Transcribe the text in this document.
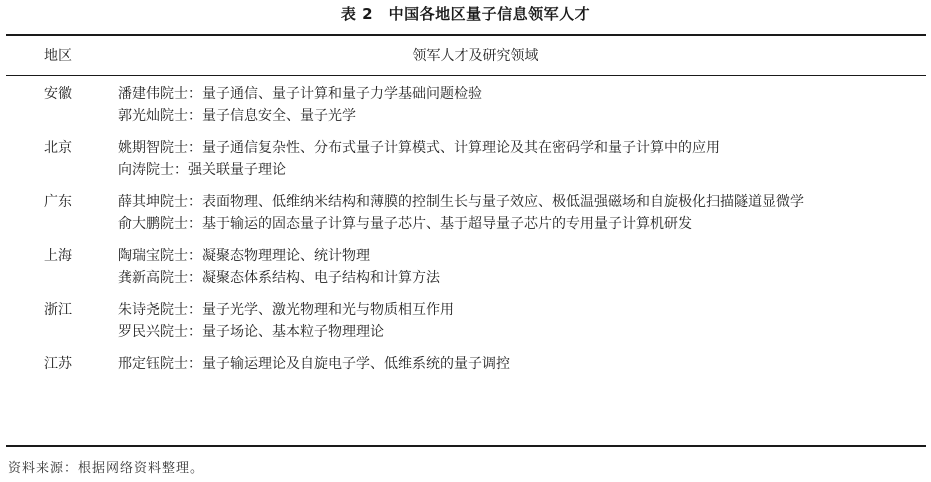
表 2　中国各地区量子信息领军人才
地区	领军人才及研究领域
安徽	潘建伟院士： 量子通信、量子计算和量子力学基础问题检验
郭光灿院士： 量子信息安全、量子光学
北京	姚期智院士： 量子通信复杂性、分布式量子计算模式、计算理论及其在密码学和量子计算中的应用
向涛院士： 强关联量子理论
广东	薛其坤院士： 表面物理、低维纳米结构和薄膜的控制生长与量子效应、极低温强磁场和自旋极化扫描隧道显微学
俞大鹏院士： 基于输运的固态量子计算与量子芯片、基于超导量子芯片的专用量子计算机研发
上海	陶瑞宝院士： 凝聚态物理理论、统计物理
龚新高院士： 凝聚态体系结构、电子结构和计算方法
浙江	朱诗尧院士： 量子光学、激光物理和光与物质相互作用
罗民兴院士： 量子场论、基本粒子物理理论
江苏	邢定钰院士： 量子输运理论及自旋电子学、低维系统的量子调控
资料来源：根据网络资料整理。
